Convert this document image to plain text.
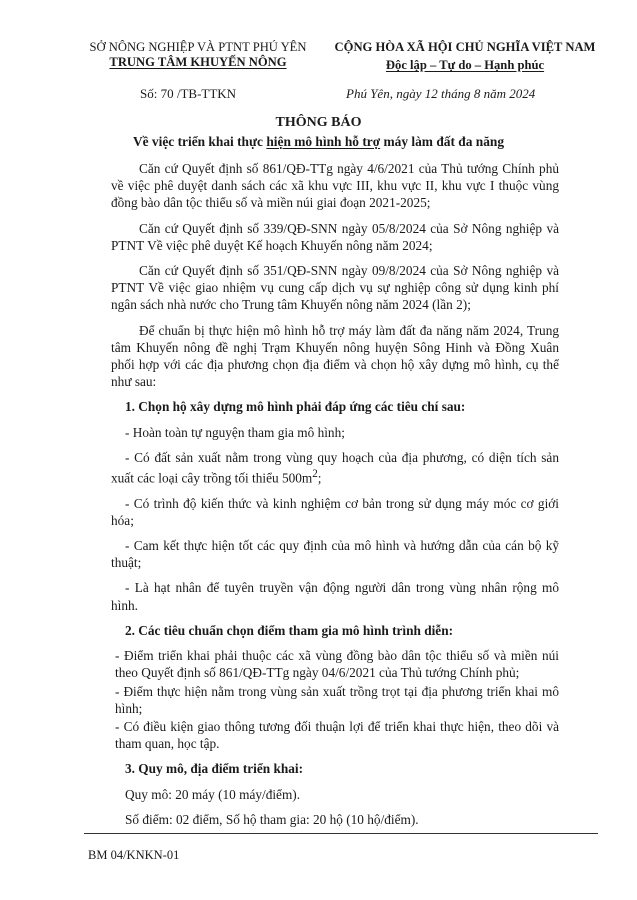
SỞ NÔNG NGHIỆP VÀ PTNT PHÚ YÊN
TRUNG TÂM KHUYẾN NÔNG
CỘNG HÒA XÃ HỘI CHỦ NGHĨA VIỆT NAM
Độc lập – Tự do – Hạnh phúc
Số: 70 /TB-TTKN	Phú Yên, ngày 12 tháng 8 năm 2024
THÔNG BÁO
Về việc triển khai thực hiện mô hình hỗ trợ máy làm đất đa năng

Căn cứ Quyết định số 861/QĐ-TTg ngày 4/6/2021 của Thủ tướng Chính phủ về việc phê duyệt danh sách các xã khu vực III, khu vực II, khu vực I thuộc vùng đồng bào dân tộc thiểu số và miền núi giai đoạn 2021-2025;

Căn cứ Quyết định số 339/QĐ-SNN ngày 05/8/2024 của Sở Nông nghiệp và PTNT Về việc phê duyệt Kế hoạch Khuyến nông năm 2024;

Căn cứ Quyết định số 351/QĐ-SNN ngày 09/8/2024 của Sở Nông nghiệp và PTNT Về việc giao nhiệm vụ cung cấp dịch vụ sự nghiệp công sử dụng kinh phí ngân sách nhà nước cho Trung tâm Khuyến nông năm 2024 (lần 2);

Để chuẩn bị thực hiện mô hình hỗ trợ máy làm đất đa năng năm 2024, Trung tâm Khuyến nông đề nghị Trạm Khuyến nông huyện Sông Hinh và Đồng Xuân phối hợp với các địa phương chọn địa điểm và chọn hộ xây dựng mô hình, cụ thể như sau:

1. Chọn hộ xây dựng mô hình phải đáp ứng các tiêu chí sau:

- Hoàn toàn tự nguyện tham gia mô hình;

- Có đất sản xuất nằm trong vùng quy hoạch của địa phương, có diện tích sản xuất các loại cây trồng tối thiểu $500m^2$;

- Có trình độ kiến thức và kinh nghiệm cơ bản trong sử dụng máy móc cơ giới hóa;

- Cam kết thực hiện tốt các quy định của mô hình và hướng dẫn của cán bộ kỹ thuật;

- Là hạt nhân để tuyên truyền vận động người dân trong vùng nhân rộng mô hình.

2. Các tiêu chuẩn chọn điểm tham gia mô hình trình diễn:

- Điểm triển khai phải thuộc các xã vùng đồng bào dân tộc thiểu số và miền núi theo Quyết định số 861/QĐ-TTg ngày 04/6/2021 của Thủ tướng Chính phủ;

- Điểm thực hiện nằm trong vùng sản xuất trồng trọt tại địa phương triển khai mô hình;

- Có điều kiện giao thông tương đối thuận lợi để triển khai thực hiện, theo dõi và tham quan, học tập.

3. Quy mô, địa điểm triển khai:

Quy mô: 20 máy (10 máy/điểm).

Số điểm: 02 điểm, Số hộ tham gia: 20 hộ (10 hộ/điểm).

BM 04/KNKN-01
